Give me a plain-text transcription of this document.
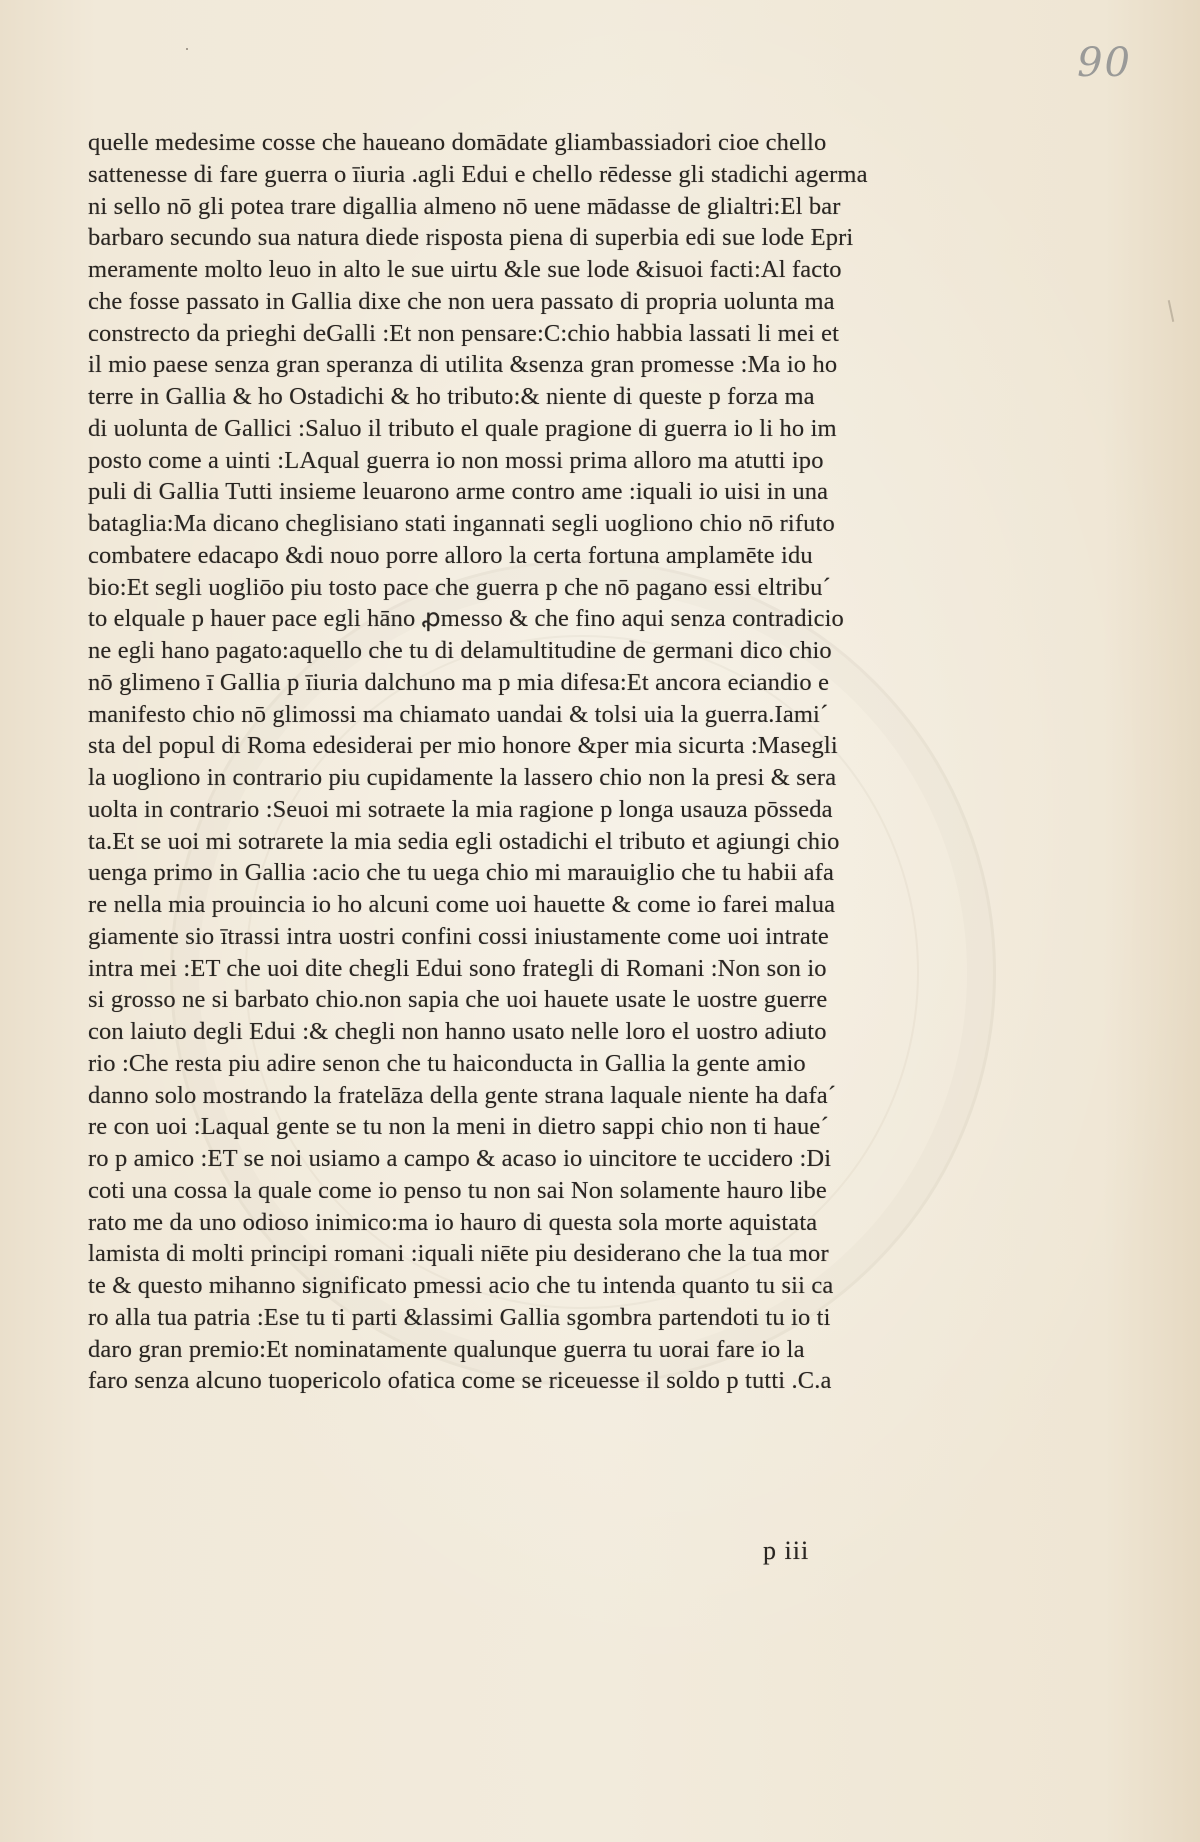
90
quelle medesime cosse che haueano domādate gliambassiadori cioe chello
sattenesse di fare guerra o īiuria .agli Edui e chello rēdesse gli stadichi agerma
ni sello nō gli potea trare digallia almeno nō uene mādasse de glialtri:El bar
barbaro secundo sua natura diede risposta piena di superbia edi sue lode Epri
meramente molto leuo in alto le sue uirtu &le sue lode &isuoi facti:Al facto
che fosse passato in Gallia dixe che non uera passato di propria uolunta ma
constrecto da prieghi deGalli :Et non pensare:C:chio habbia lassati li mei et
il mio paese senza gran speranza di utilita &senza gran promesse :Ma io ho
terre in Gallia & ho Ostadichi & ho tributo:& niente di queste p forza ma
di uolunta de Gallici :Saluo il tributo el quale pragione di guerra io li ho im
posto come a uinti :LAqual guerra io non mossi prima alloro ma atutti ipo
puli di Gallia Tutti insieme leuarono arme contro ame :iquali io uisi in una
bataglia:Ma dicano cheglisiano stati ingannati segli uogliono chio nō rifuto
combatere edacapo &di nouo porre alloro la certa fortuna amplamēte idu
bio:Et segli uogliōo piu tosto pace che guerra p che nō pagano essi eltribu´
to elquale p hauer pace egli hāno ꝓmesso & che fino aqui senza contradicio
ne egli hano pagato:aquello che tu di delamultitudine de germani dico chio
nō glimeno ī Gallia p īiuria dalchuno ma p mia difesa:Et ancora eciandio e
manifesto chio nō glimossi ma chiamato uandai & tolsi uia la guerra.Iami´
sta del popul di Roma edesiderai per mio honore &per mia sicurta :Masegli
la uogliono in contrario piu cupidamente la lassero chio non la presi & sera
uolta in contrario :Seuoi mi sotraete la mia ragione p longa usauza pōsseda
ta.Et se uoi mi sotrarete la mia sedia egli ostadichi el tributo et agiungi chio
uenga primo in Gallia :acio che tu uega chio mi marauiglio che tu habii afa
re nella mia prouincia io ho alcuni come uoi hauette & come io farei malua
giamente sio ītrassi intra uostri confini cossi iniustamente come uoi intrate
intra mei :ET che uoi dite chegli Edui sono frategli di Romani :Non son io
si grosso ne si barbato chio.non sapia che uoi hauete usate le uostre guerre
con laiuto degli Edui :& chegli non hanno usato nelle loro el uostro adiuto
rio :Che resta piu adire senon che tu haiconducta in Gallia la gente amio
danno solo mostrando la fratelāza della gente strana laquale niente ha dafa´
re con uoi :Laqual gente se tu non la meni in dietro sappi chio non ti haue´
ro p amico :ET se noi usiamo a campo & acaso io uincitore te uccidero :Di
coti una cossa la quale come io penso tu non sai Non solamente hauro libe
rato me da uno odioso inimico:ma io hauro di questa sola morte aquistata
lamista di molti principi romani :iquali niēte piu desiderano che la tua mor
te & questo mihanno significato pmessi acio che tu intenda quanto tu sii ca
ro alla tua patria :Ese tu ti parti &lassimi Gallia sgombra partendoti tu io ti
daro gran premio:Et nominatamente qualunque guerra tu uorai fare io la
faro senza alcuno tuopericolo ofatica come se riceuesse il soldo p tutti .C.a
p iii
